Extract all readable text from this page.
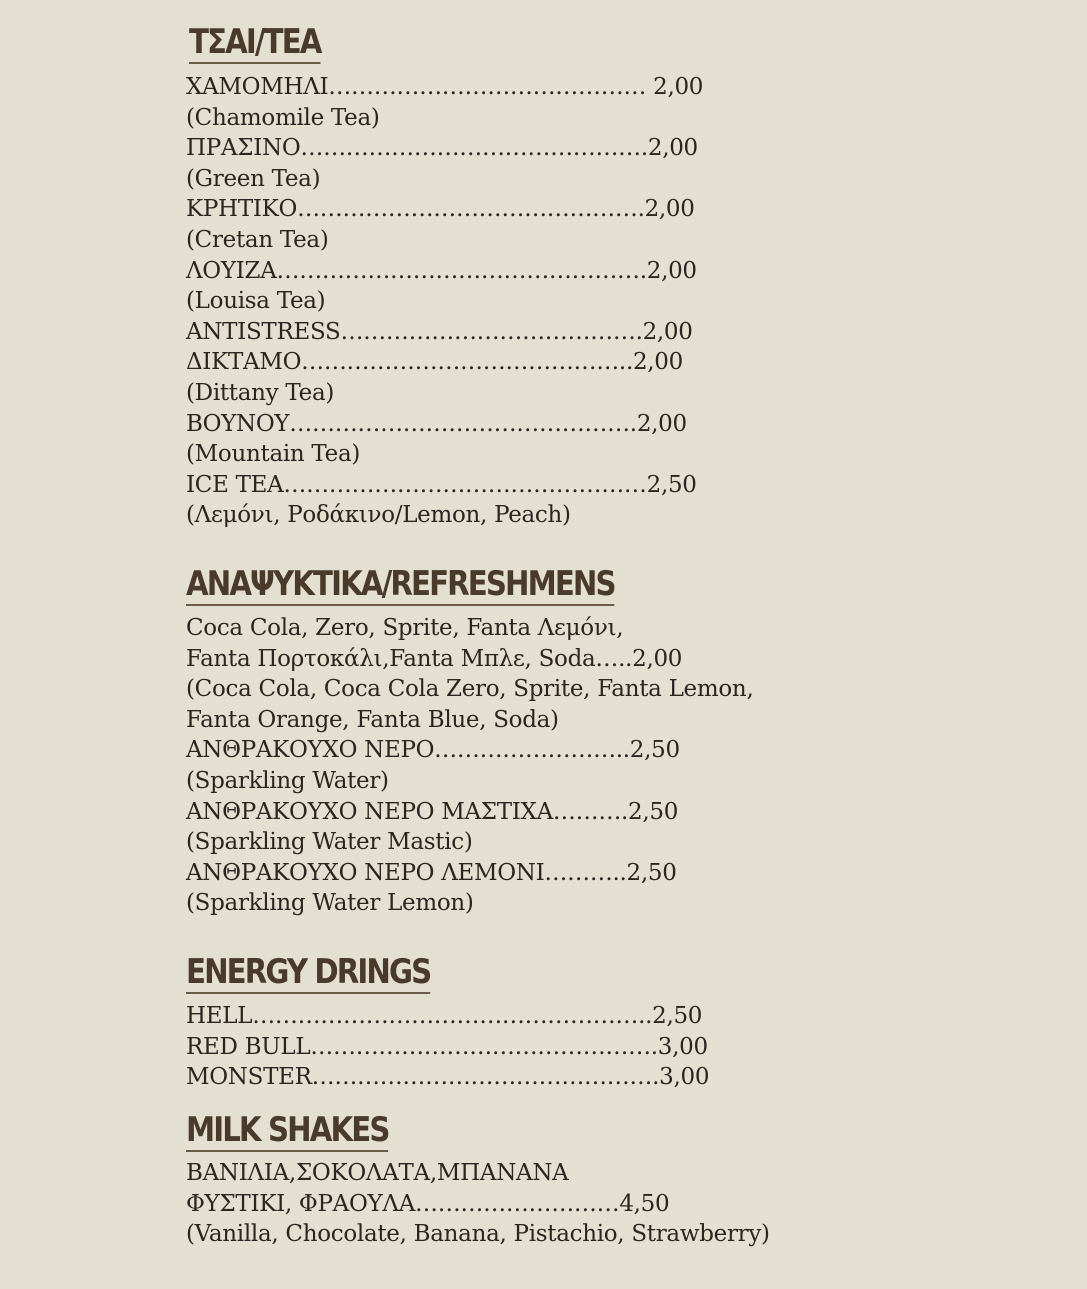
ΤΣΑΙ/TEA

ΧΑΜΟΜΗΛΙ…………………………………… 2,00

(Chamomile Tea)

ΠΡΑΣΙΝΟ……………………………………….2,00

(Green Tea)

ΚΡΗΤΙΚΟ……………………………………….2,00

(Cretan Tea)

ΛΟΥΙΖΑ………………………………………….2,00

(Louisa Tea)

ANTISTRESS………………………………….2,00

ΔΙΚΤΑΜΟ……………………………………..2,00

(Dittany Tea)

ΒΟΥΝΟΥ……………………………………….2,00

(Mountain Tea)

ICE TEA…………………………………………2,50

(Λεμόνι, Ροδάκινο/Lemon, Peach)

ΑΝΑΨΥΚΤΙΚΑ/REFRESHMENS

Coca Cola, Zero, Sprite, Fanta Λεμόνι,

Fanta Πορτοκάλι,Fanta Μπλε, Soda…..2,00

(Coca Cola, Coca Cola Zero, Sprite, Fanta Lemon,

Fanta Orange, Fanta Blue, Soda)

ΑΝΘΡΑΚΟΥΧΟ ΝΕΡΟ……………………..2,50

(Sparkling Water)

ΑΝΘΡΑΚΟΥΧΟ ΝΕΡΟ ΜΑΣΤΙΧΑ……….2,50

(Sparkling Water Mastic)

ΑΝΘΡΑΚΟΥΧΟ ΝΕΡΟ ΛΕΜΟΝΙ………..2,50

(Sparkling Water Lemon)

ENERGY DRINGS

HELL……………………………………………..2,50

RED BULL……………………………………….3,00

MONSTER……………………………………….3,00

MILK SHAKES

ΒΑΝΙΛΙΑ,ΣΟΚΟΛΑΤΑ,ΜΠΑΝΑΝΑ

ΦΥΣΤΙΚΙ, ΦΡΑΟΥΛΑ………………………4,50

(Vanilla, Chocolate, Banana, Pistachio, Strawberry)
